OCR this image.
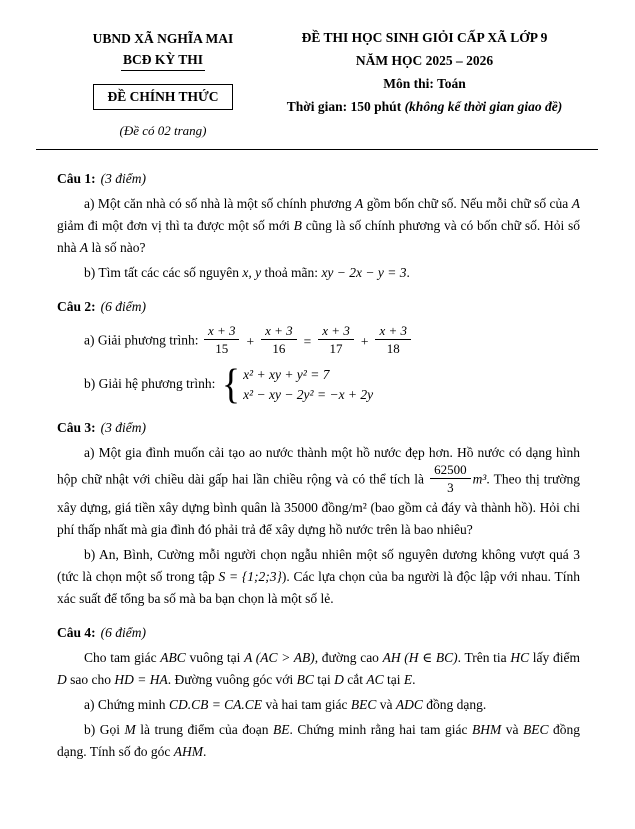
UBND XÃ NGHĨA MAI
BCĐ KỲ THI
ĐỀ CHÍNH THỨC
(Đề có 02 trang)
ĐỀ THI HỌC SINH GIỎI CẤP XÃ LỚP 9
NĂM HỌC 2025 – 2026
Môn thi: Toán
Thời gian: 150 phút (không kể thời gian giao đề)

Câu 1: (3 điểm)

a) Một căn nhà có số nhà là một số chính phương A gồm bốn chữ số. Nếu mỗi chữ số của A giảm đi một đơn vị thì ta được một số mới B cũng là số chính phương và có bốn chữ số. Hỏi số nhà A là số nào?

b) Tìm tất các các số nguyên x, y thoả mãn: xy − 2x − y = 3.

Câu 2: (6 điểm)

a) Giải phương trình: $\frac{x + 3}{15} + \frac{x + 3}{16} = \frac{x + 3}{17} + \frac{x + 3}{18}$

b) Giải hệ phương trình: { x² + xy + y² = 7
x² − xy − 2y² = −x + 2y

Câu 3: (3 điểm)

a) Một gia đình muốn cải tạo ao nước thành một hồ nước đẹp hơn. Hồ nước có dạng hình hộp chữ nhật với chiều dài gấp hai lần chiều rộng và có thể tích là $\frac{62500}{3} m^3$. Theo thị trường xây dựng, giá tiền xây dựng bình quân là 35000 đồng/m² (bao gồm cả đáy và thành hồ). Hỏi chi phí thấp nhất mà gia đình đó phải trả để xây dựng hồ nước trên là bao nhiêu?

b) An, Bình, Cường mỗi người chọn ngẫu nhiên một số nguyên dương không vượt quá 3 (tức là chọn một số trong tập S = {1;2;3}). Các lựa chọn của ba người là độc lập với nhau. Tính xác suất để tổng ba số mà ba bạn chọn là một số lẻ.

Câu 4: (6 điểm)

Cho tam giác ABC vuông tại A (AC > AB), đường cao AH (H ∈ BC). Trên tia HC lấy điểm D sao cho HD = HA. Đường vuông góc với BC tại D cắt AC tại E.

a) Chứng minh CD.CB = CA.CE và hai tam giác BEC và ADC đồng dạng.

b) Gọi M là trung điểm của đoạn BE. Chứng minh rằng hai tam giác BHM và BEC đồng dạng. Tính số đo góc AHM.
